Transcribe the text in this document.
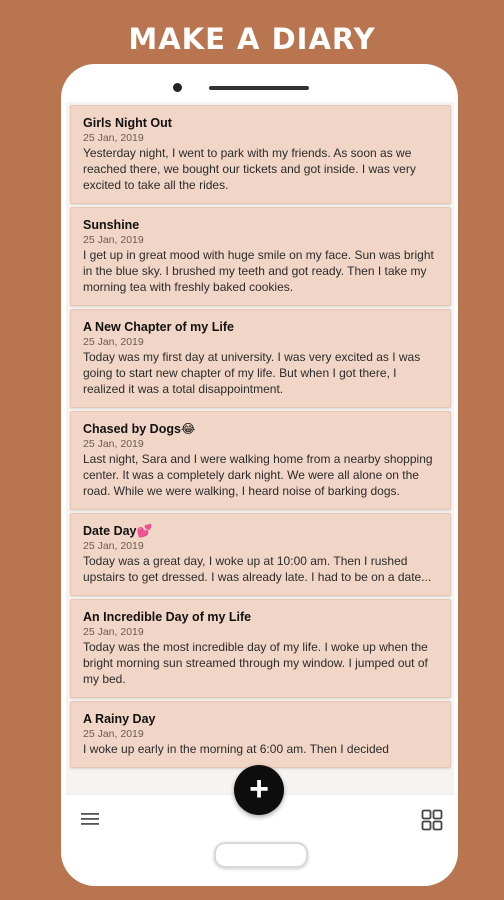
MAKE A DIARY
Girls Night Out
25 Jan, 2019
Yesterday night, I went to park with my friends. As soon as we reached there, we bought our tickets and got inside. I was very excited to take all the rides.
Sunshine
25 Jan, 2019
I get up in great mood with huge smile on my face. Sun was bright in the blue sky. I brushed my teeth and got ready. Then I take my morning tea with freshly baked cookies.
A New Chapter of my Life
25 Jan, 2019
Today was my first day at university. I was very excited as I was going to start new chapter of my life. But when I got there, I realized it was a total disappointment.
Chased by Dogs😂
25 Jan, 2019
Last night, Sara and I were walking home from a nearby shopping center. It was a completely dark night. We were all alone on the road. While we were walking, I heard noise of barking dogs.
Date Day💕
25 Jan, 2019
Today was a great day, I woke up at 10:00 am. Then I rushed upstairs to get dressed. I was already late. I had to be on a date...
An Incredible Day of my Life
25 Jan, 2019
Today was the most incredible day of my life. I woke up when the bright morning sun streamed through my window. I jumped out of my bed.
A Rainy Day
25 Jan, 2019
I woke up early in the morning at 6:00 am. Then I decided
+
